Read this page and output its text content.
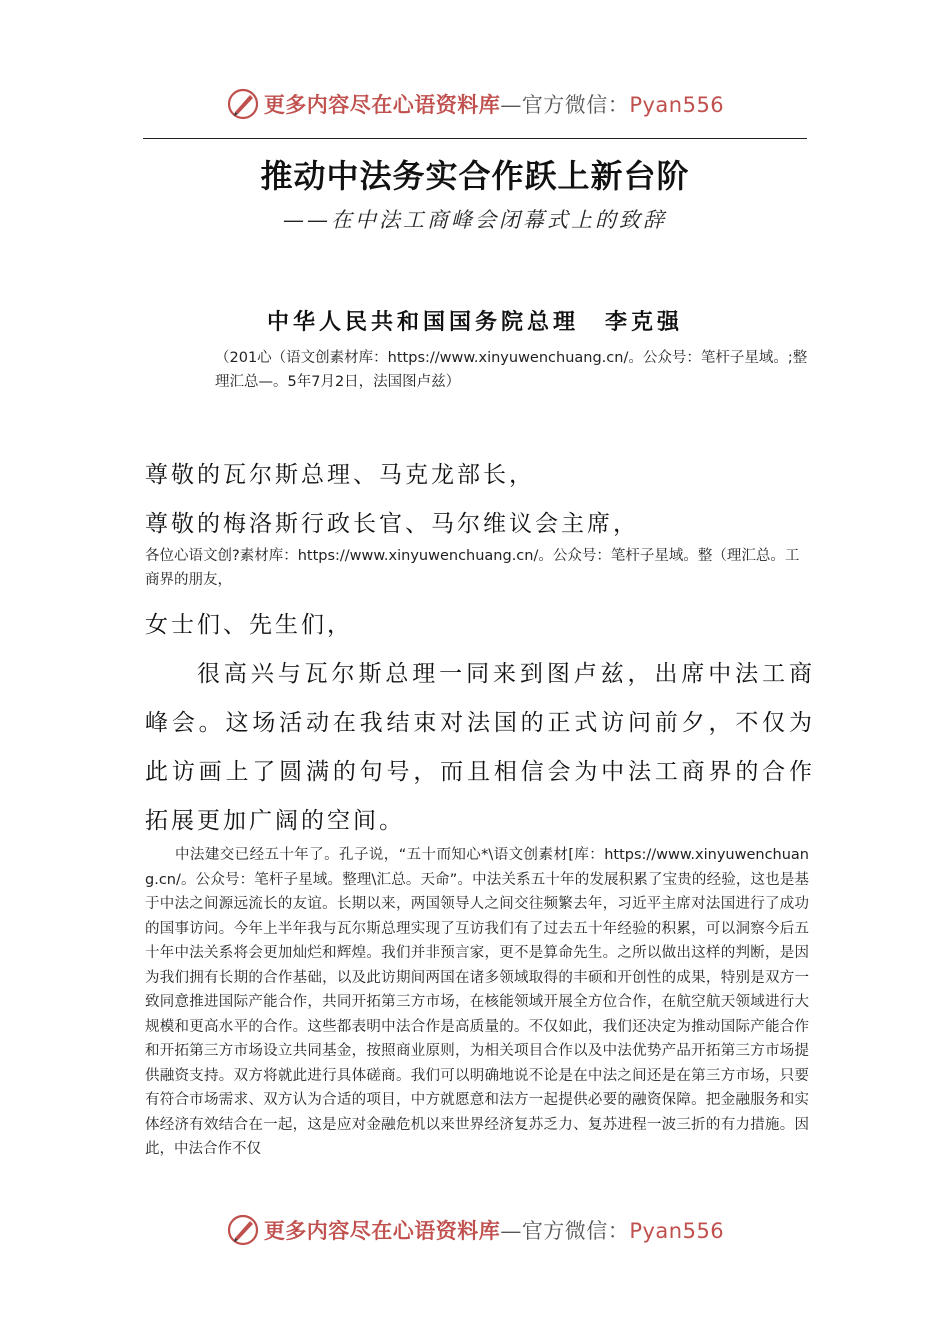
更多内容尽在心语资料库—官方微信：Pyan556
推动中法务实合作跃上新台阶
——在中法工商峰会闭幕式上的致辞
中华人民共和国国务院总理　李克强
（201心（语文创素材库：https://www.xinyuwenchuang.cn/。公众号：笔杆子星域。;整理汇总—。5年7月2日，法国图卢兹）
尊敬的瓦尔斯总理、马克龙部长，
尊敬的梅洛斯行政长官、马尔维议会主席，
各位心语文创?素材库：https://www.xinyuwenchuang.cn/。公众号：笔杆子星域。整（理汇总。工商界的朋友，
女士们、先生们，
很高兴与瓦尔斯总理一同来到图卢兹，出席中法工商峰会。这场活动在我结束对法国的正式访问前夕，不仅为此访画上了圆满的句号，而且相信会为中法工商界的合作拓展更加广阔的空间。
中法建交已经五十年了。孔子说，“五十而知心*\语文创素材[库：https://www.xinyuwenchuang.cn/。公众号：笔杆子星域。整理\汇总。天命”。中法关系五十年的发展积累了宝贵的经验，这也是基于中法之间源远流长的友谊。长期以来，两国领导人之间交往频繁去年，习近平主席对法国进行了成功的国事访问。今年上半年我与瓦尔斯总理实现了互访我们有了过去五十年经验的积累，可以洞察今后五十年中法关系将会更加灿烂和辉煌。我们并非预言家，更不是算命先生。之所以做出这样的判断，是因为我们拥有长期的合作基础，以及此访期间两国在诸多领域取得的丰硕和开创性的成果，特别是双方一致同意推进国际产能合作，共同开拓第三方市场，在核能领域开展全方位合作，在航空航天领域进行大规模和更高水平的合作。这些都表明中法合作是高质量的。不仅如此，我们还决定为推动国际产能合作和开拓第三方市场设立共同基金，按照商业原则，为相关项目合作以及中法优势产品开拓第三方市场提供融资支持。双方将就此进行具体磋商。我们可以明确地说不论是在中法之间还是在第三方市场，只要有符合市场需求、双方认为合适的项目，中方就愿意和法方一起提供必要的融资保障。把金融服务和实体经济有效结合在一起，这是应对金融危机以来世界经济复苏乏力、复苏进程一波三折的有力措施。因此，中法合作不仅
更多内容尽在心语资料库—官方微信：Pyan556
